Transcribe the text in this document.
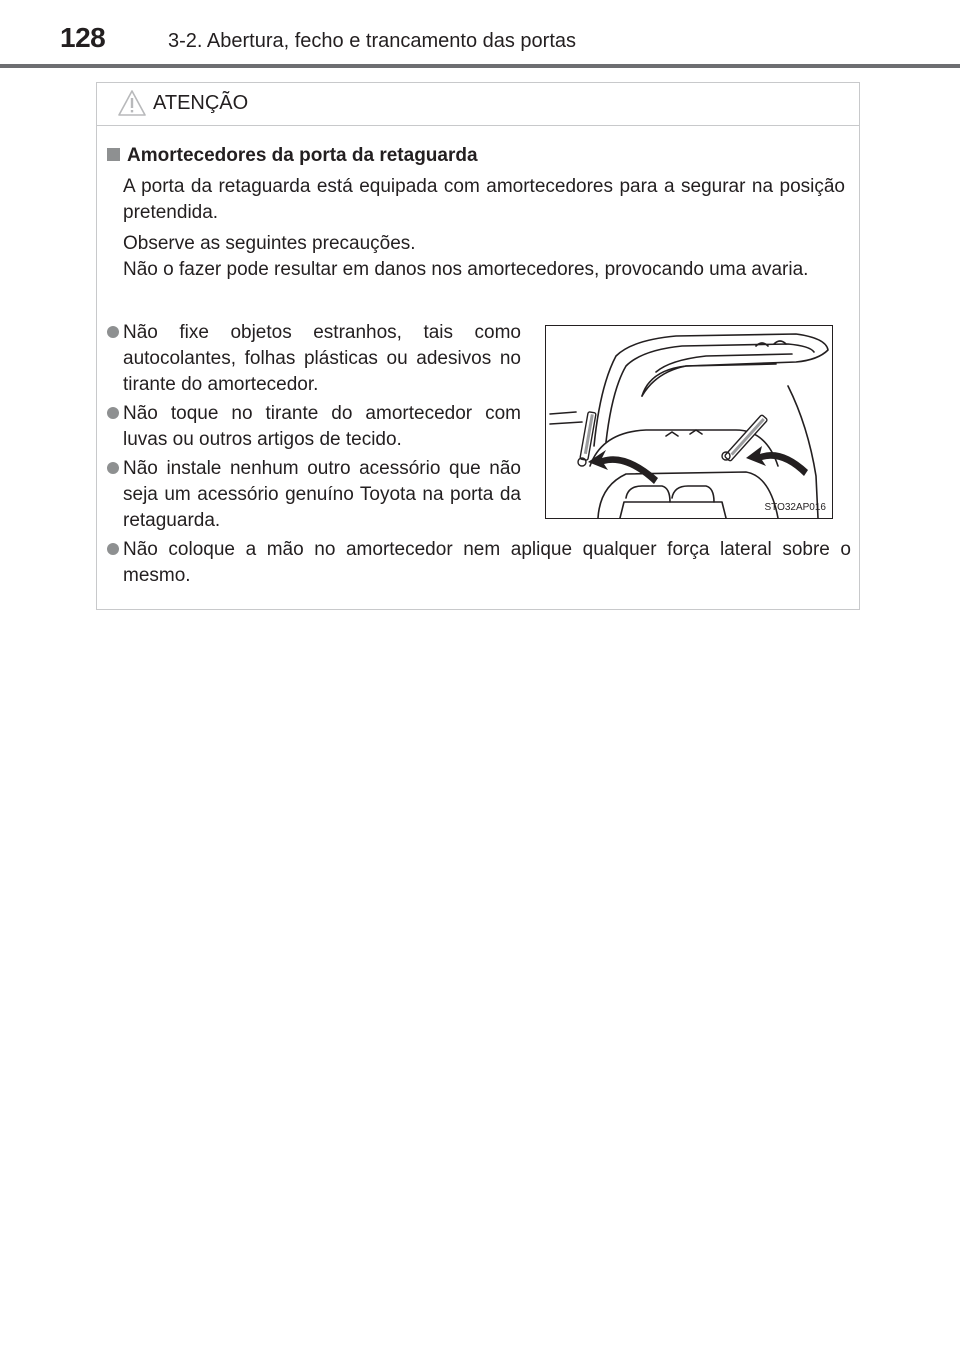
128	3-2. Abertura, fecho e trancamento das portas
ATENÇÃO
Amortecedores da porta da retaguarda
A porta da retaguarda está equipada com amortecedores para a segurar na posição pretendida.
Observe as seguintes precauções.
Não o fazer pode resultar em danos nos amortecedores, provocando uma avaria.
Não fixe objetos estranhos, tais como autocolantes, folhas plásticas ou adesivos no tirante do amortecedor.
Não toque no tirante do amortecedor com luvas ou outros artigos de tecido.
Não instale nenhum outro acessório que não seja um acessório genuíno Toyota na porta da retaguarda.
Não coloque a mão no amortecedor nem aplique qualquer força lateral sobre o mesmo.
STO32AP016
